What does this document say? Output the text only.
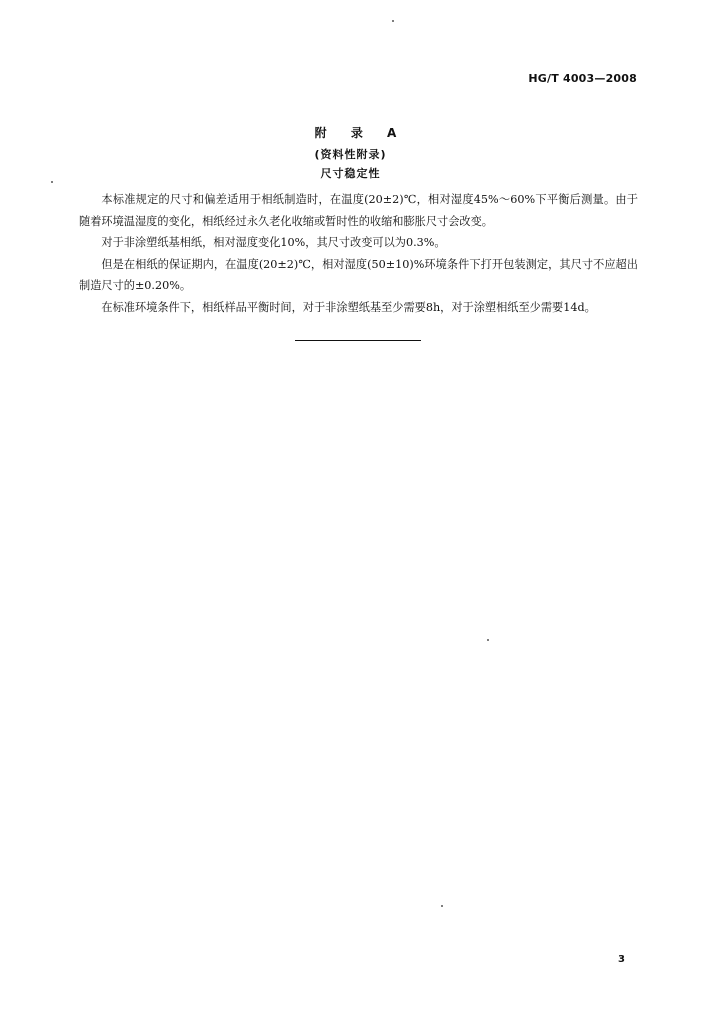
HG/T 4003—2008
附 录 A
(资料性附录)
尺寸稳定性

本标准规定的尺寸和偏差适用于相纸制造时，在温度(20±2)℃，相对湿度45%～60%下平衡后测量。由于随着环境温湿度的变化，相纸经过永久老化收缩或暂时性的收缩和膨胀尺寸会改变。

对于非涂塑纸基相纸，相对湿度变化10%，其尺寸改变可以为0.3%。

但是在相纸的保证期内，在温度(20±2)℃，相对湿度(50±10)%环境条件下打开包装测定，其尺寸不应超出制造尺寸的±0.20%。

在标准环境条件下，相纸样品平衡时间，对于非涂塑纸基至少需要8h，对于涂塑相纸至少需要14d。

3
